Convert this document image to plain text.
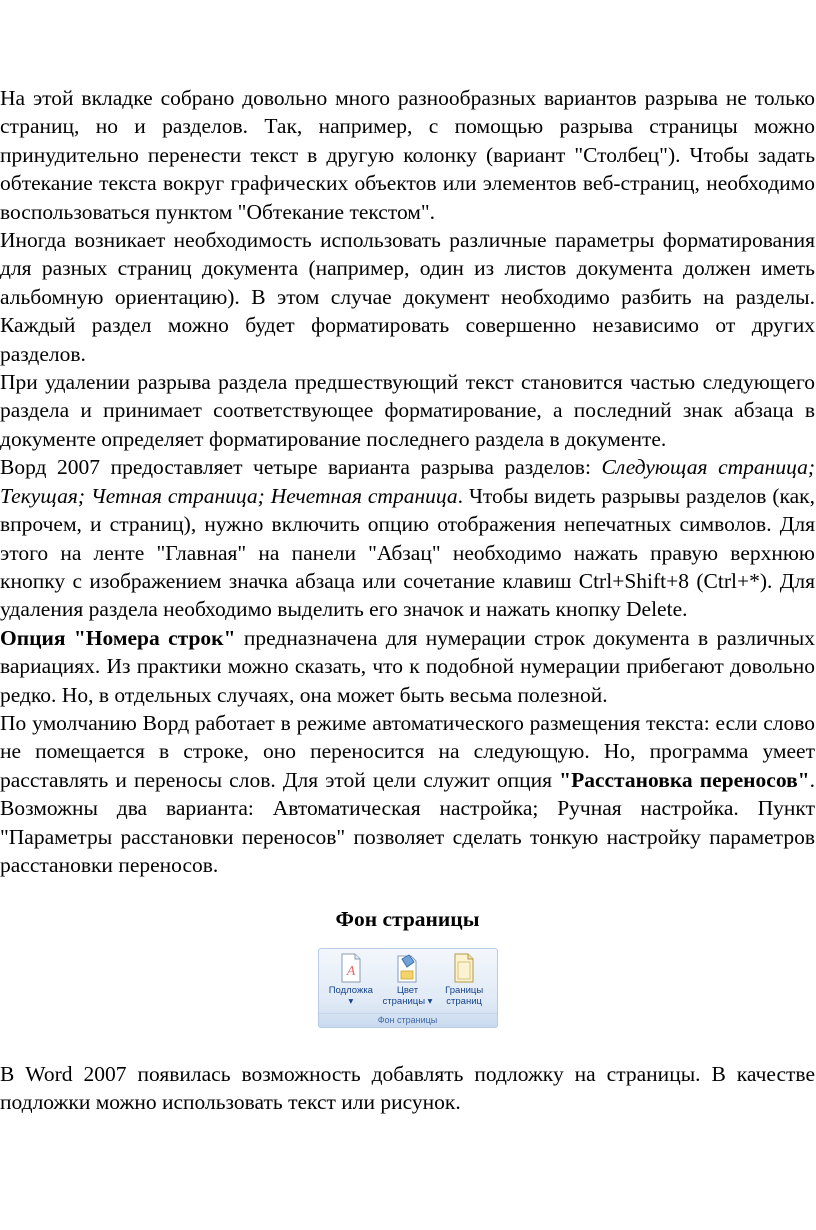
На этой вкладке собрано довольно много разнообразных вариантов разрыва не только страниц, но и разделов. Так, например, с помощью разрыва страницы можно принудительно перенести текст в другую колонку (вариант "Столбец"). Чтобы задать обтекание текста вокруг графических объектов или элементов веб-страниц, необходимо воспользоваться пунктом "Обтекание текстом".

Иногда возникает необходимость использовать различные параметры форматирования для разных страниц документа (например, один из листов документа должен иметь альбомную ориентацию). В этом случае документ необходимо разбить на разделы. Каждый раздел можно будет форматировать совершенно независимо от других разделов.

При удалении разрыва раздела предшествующий текст становится частью следующего раздела и принимает соответствующее форматирование, а последний знак абзаца в документе определяет форматирование последнего раздела в документе.

Ворд 2007 предоставляет четыре варианта разрыва разделов: Следующая страница; Текущая; Четная страница; Нечетная страница. Чтобы видеть разрывы разделов (как, впрочем, и страниц), нужно включить опцию отображения непечатных символов. Для этого на ленте "Главная" на панели "Абзац" необходимо нажать правую верхнюю кнопку с изображением значка абзаца или сочетание клавиш Ctrl+Shift+8 (Ctrl+*). Для удаления раздела необходимо выделить его значок и нажать кнопку Delete.

Опция "Номера строк" предназначена для нумерации строк документа в различных вариациях. Из практики можно сказать, что к подобной нумерации прибегают довольно редко. Но, в отдельных случаях, она может быть весьма полезной.

По умолчанию Ворд работает в режиме автоматического размещения текста: если слово не помещается в строке, оно переносится на следующую. Но, программа умеет расставлять и переносы слов. Для этой цели служит опция "Расстановка переносов". Возможны два варианта: Автоматическая настройка; Ручная настройка. Пункт "Параметры расстановки переносов" позволяет сделать тонкую настройку параметров расстановки переносов.

Фон страницы

A
Подложка
▾
Цвет
страницы ▾
Границы
страниц
Фон страницы

В Word 2007 появилась возможность добавлять подложку на страницы. В качестве подложки можно использовать текст или рисунок.
